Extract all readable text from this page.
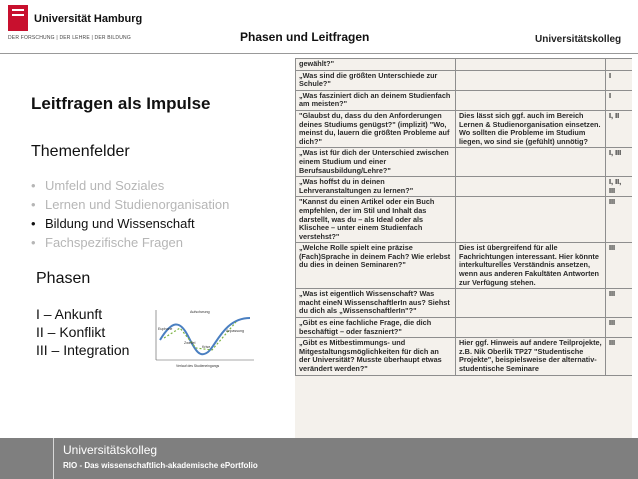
Universität Hamburg
DER FORSCHUNG | DER LEHRE | DER BILDUNG	Phasen und Leitfragen	Universitätskolleg
Leitfragen als Impulse
Themenfelder
• Umfeld und Soziales
• Lernen und Studienorganisation
• Bildung und Wissenschaft
• Fachspezifische Fragen
Phasen
I – Ankunft
II – Konflikt
III – Integration
Aufschwung
Euphorie
Zweifel
Krise
Anpassung
Verlauf des Studieneingangs
gewählt?"		
„Was sind die größten Unterschiede zur Schule?"		I
„Was fasziniert dich an deinem Studienfach am meisten?"		I
"Glaubst du, dass du den Anforderungen deines Studiums genügst?" (implizit) "Wo, meinst du, lauern die größten Probleme auf dich?"	Dies lässt sich ggf. auch im Bereich Lernen & Studienorganisation einsetzen. Wo sollten die Probleme im Studium liegen, wo sind sie (gefühlt) unnötig?	I, II
„Was ist für dich der Unterschied zwischen einem Studium und einer Berufsausbildung/Lehre?"		I, III
„Was hoffst du in deinen Lehrveranstaltungen zu lernen?"		I, II, III
"Kannst du einen Artikel oder ein Buch empfehlen, der im Stil und Inhalt das darstellt, was du – als Ideal oder als Klischee – unter einem Studienfach verstehst?"		III
„Welche Rolle spielt eine präzise (Fach)Sprache in deinem Fach? Wie erlebst du dies in deinen Seminaren?"	Dies ist übergreifend für alle Fachrichtungen interessant. Hier könnte interkulturelles Verständnis ansetzen, wenn aus anderen Fakultäten Antworten zur Verfügung stehen.	III
„Was ist eigentlich Wissenschaft? Was macht eineN WissenschaftlerIn aus? Siehst du dich als „WissenschaftlerIn"?"		III
„Gibt es eine fachliche Frage, die dich beschäftigt – oder faszniert?"		III
„Gibt es Mitbestimmungs- und Mitgestaltungsmöglichkeiten für dich an der Universität? Musste überhaupt etwas verändert werden?"	Hier ggf. Hinweis auf andere Teilprojekte, z.B. Nik Oberlik TP27 "Studentische Projekte", beispielsweise der alternativ-studentische Seminare	III
Universitätskolleg
RIO - Das wissenschaftlich-akademische ePortfolio
